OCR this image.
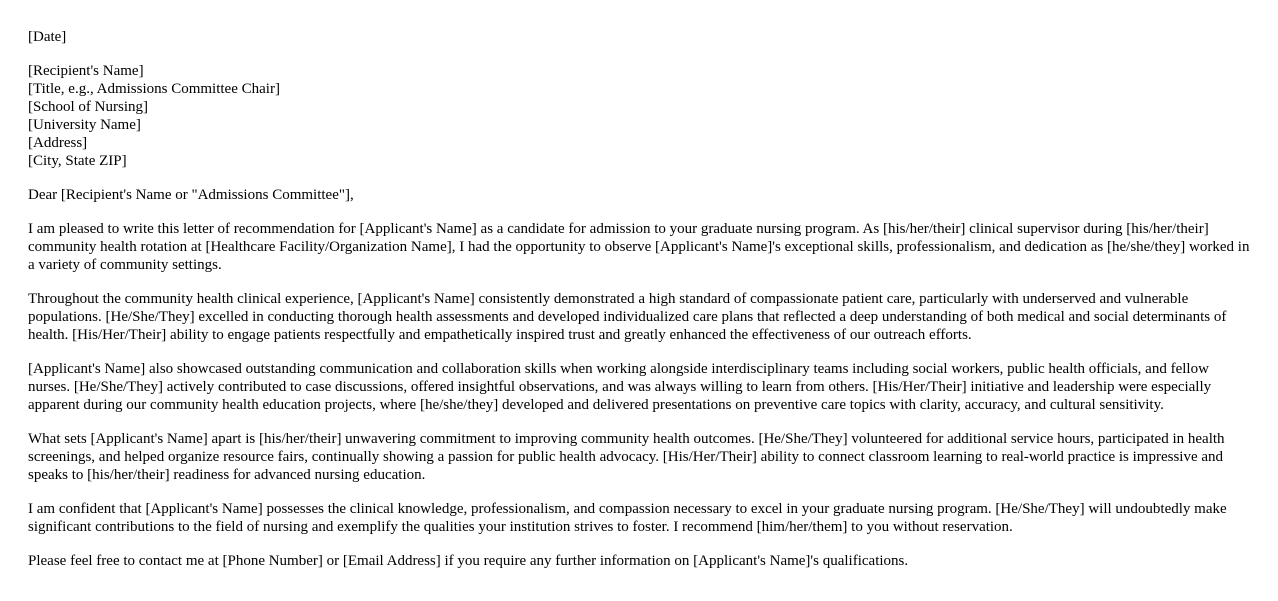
[Date]
[Recipient's Name]
[Title, e.g., Admissions Committee Chair]
[School of Nursing]
[University Name]
[Address]
[City, State ZIP]

Dear [Recipient's Name or "Admissions Committee"],

I am pleased to write this letter of recommendation for [Applicant's Name] as a candidate for admission to your graduate nursing program. As [his/her/their] clinical supervisor during [his/her/their] community health rotation at [Healthcare Facility/Organization Name], I had the opportunity to observe [Applicant's Name]'s exceptional skills, professionalism, and dedication as [he/she/they] worked in a variety of community settings.

Throughout the community health clinical experience, [Applicant's Name] consistently demonstrated a high standard of compassionate patient care, particularly with underserved and vulnerable populations. [He/She/They] excelled in conducting thorough health assessments and developed individualized care plans that reflected a deep understanding of both medical and social determinants of health. [His/Her/Their] ability to engage patients respectfully and empathetically inspired trust and greatly enhanced the effectiveness of our outreach efforts.

[Applicant's Name] also showcased outstanding communication and collaboration skills when working alongside interdisciplinary teams including social workers, public health officials, and fellow nurses. [He/She/They] actively contributed to case discussions, offered insightful observations, and was always willing to learn from others. [His/Her/Their] initiative and leadership were especially apparent during our community health education projects, where [he/she/they] developed and delivered presentations on preventive care topics with clarity, accuracy, and cultural sensitivity.

What sets [Applicant's Name] apart is [his/her/their] unwavering commitment to improving community health outcomes. [He/She/They] volunteered for additional service hours, participated in health screenings, and helped organize resource fairs, continually showing a passion for public health advocacy. [His/Her/Their] ability to connect classroom learning to real-world practice is impressive and speaks to [his/her/their] readiness for advanced nursing education.

I am confident that [Applicant's Name] possesses the clinical knowledge, professionalism, and compassion necessary to excel in your graduate nursing program. [He/She/They] will undoubtedly make significant contributions to the field of nursing and exemplify the qualities your institution strives to foster. I recommend [him/her/them] to you without reservation.

Please feel free to contact me at [Phone Number] or [Email Address] if you require any further information on [Applicant's Name]'s qualifications.
